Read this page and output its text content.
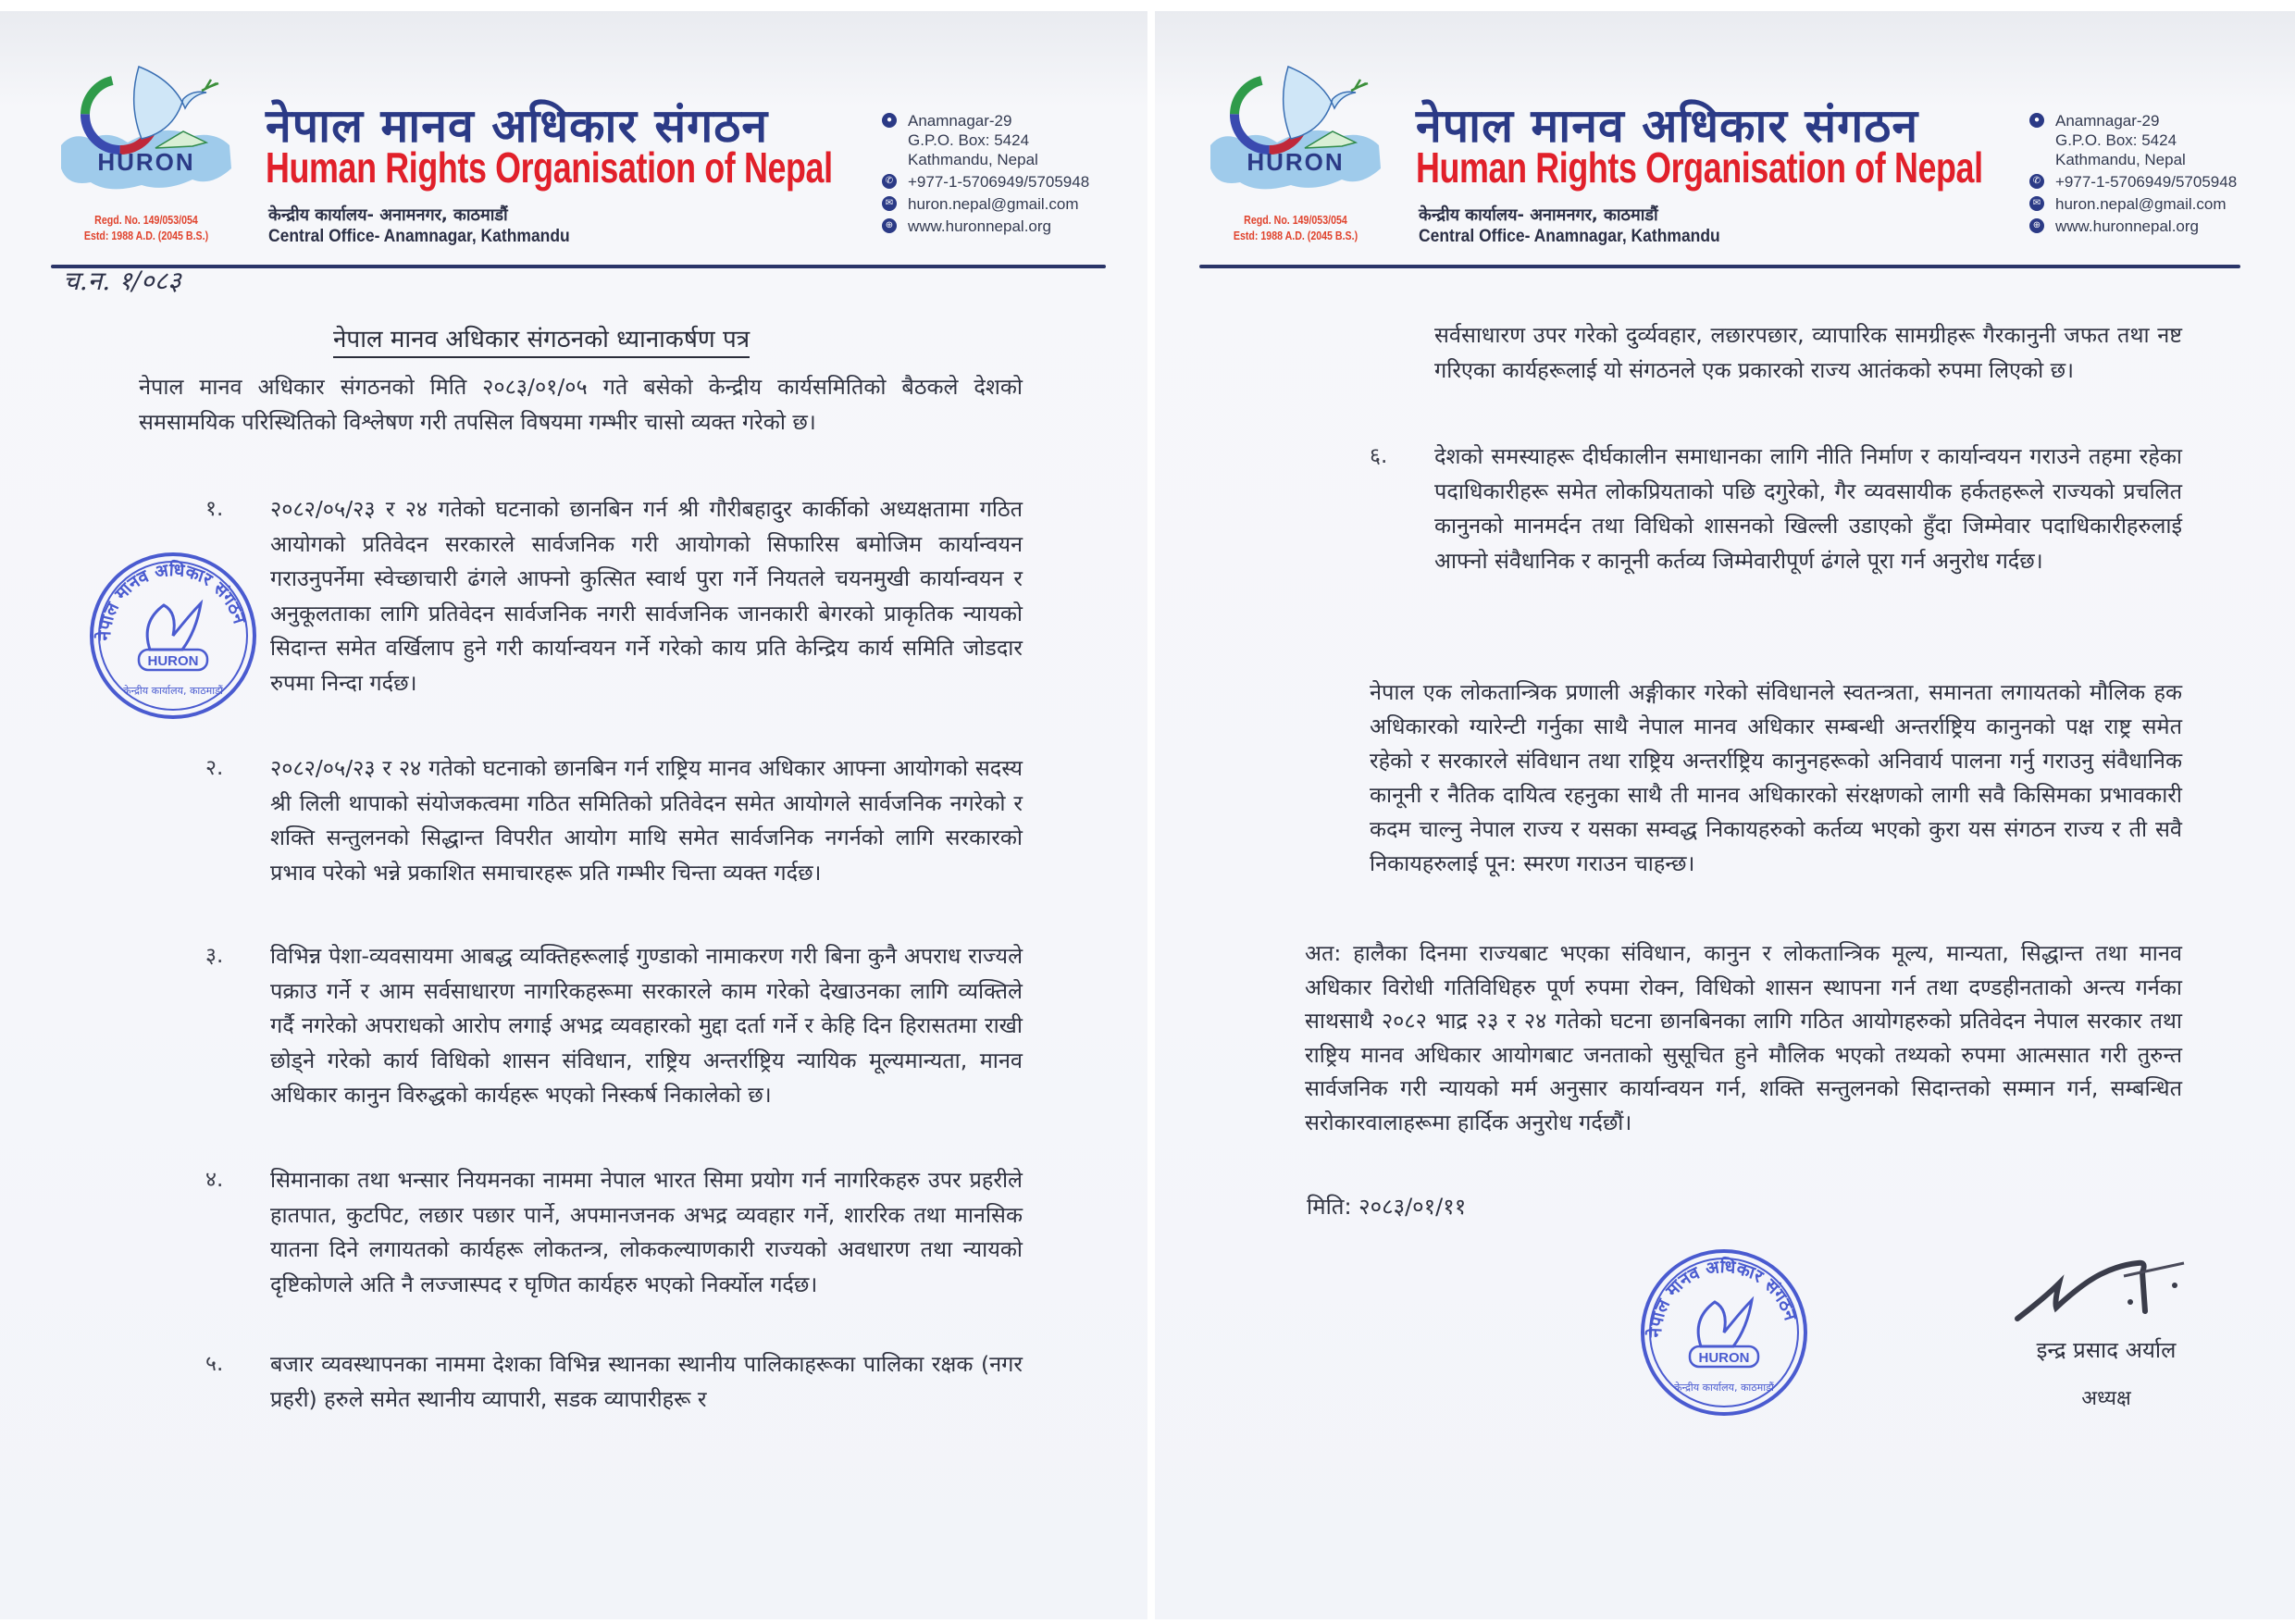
HURON
Regd. No. 149/053/054
Estd: 1988 A.D. (2045 B.S.)
नेपाल मानव अधिकार संगठन
Human Rights Organisation of Nepal
केन्द्रीय कार्यालय- अनामनगर, काठमाडौं
Central Office- Anamnagar, Kathmandu
● Anamnagar-29
G.P.O. Box: 5424
Kathmandu, Nepal
✆ +977-1-5706949/5705948
✉ huron.nepal@gmail.com
⊕ www.huronnepal.org
च.न. १/०८३
नेपाल मानव अधिकार संगठनको ध्यानाकर्षण पत्र
नेपाल मानव अधिकार संगठनको मिति २०८३/०१/०५ गते बसेको केन्द्रीय कार्यसमितिको बैठकले देशको समसामयिक परिस्थितिको विश्लेषण गरी तपसिल विषयमा गम्भीर चासो व्यक्त गरेको छ।
१.	२०८२/०५/२३ र २४ गतेको घटनाको छानबिन गर्न श्री गौरीबहादुर कार्कीको अध्यक्षतामा गठित आयोगको प्रतिवेदन सरकारले सार्वजनिक गरी आयोगको सिफारिस बमोजिम कार्यान्वयन गराउनुपर्नेमा स्वेच्छाचारी ढंगले आफ्नो कुत्सित स्वार्थ पुरा गर्ने नियतले चयनमुखी कार्यान्वयन र अनुकूलताका लागि प्रतिवेदन सार्वजनिक नगरी सार्वजनिक जानकारी बेगरको प्राकृतिक न्यायको सिदान्त समेत वर्खिलाप हुने गरी कार्यान्वयन गर्ने गरेको काय प्रति केन्द्रिय कार्य समिति जोडदार रुपमा निन्दा गर्दछ।
२.	२०८२/०५/२३ र २४ गतेको घटनाको छानबिन गर्न राष्ट्रिय मानव अधिकार आफ्ना आयोगको सदस्य श्री लिली थापाको संयोजकत्वमा गठित समितिको प्रतिवेदन समेत आयोगले सार्वजनिक नगरेको र शक्ति सन्तुलनको सिद्धान्त विपरीत आयोग माथि समेत सार्वजनिक नगर्नको लागि सरकारको प्रभाव परेको भन्ने प्रकाशित समाचारहरू प्रति गम्भीर चिन्ता व्यक्त गर्दछ।
३.	विभिन्न पेशा-व्यवसायमा आबद्ध व्यक्तिहरूलाई गुण्डाको नामाकरण गरी बिना कुनै अपराध राज्यले पक्राउ गर्ने र आम सर्वसाधारण नागरिकहरूमा सरकारले काम गरेको देखाउनका लागि व्यक्तिले गर्दै नगरेको अपराधको आरोप लगाई अभद्र व्यवहारको मुद्दा दर्ता गर्ने र केहि दिन हिरासतमा राखी छोड्ने गरेको कार्य विधिको शासन संविधान, राष्ट्रिय अन्तर्राष्ट्रिय न्यायिक मूल्यमान्यता, मानव अधिकार कानुन विरुद्धको कार्यहरू भएको निस्कर्ष निकालेको छ।
४.	सिमानाका तथा भन्सार नियमनका नाममा नेपाल भारत सिमा प्रयोग गर्न नागरिकहरु उपर प्रहरीले हातपात, कुटपिट, लछार पछार पार्ने, अपमानजनक अभद्र व्यवहार गर्ने, शाररिक तथा मानसिक यातना दिने लगायतको कार्यहरू लोकतन्त्र, लोककल्याणकारी राज्यको अवधारण तथा न्यायको दृष्टिकोणले अति नै लज्जास्पद र घृणित कार्यहरु भएको निर्क्योल गर्दछ।
५.	बजार व्यवस्थापनका नाममा देशका विभिन्न स्थानका स्थानीय पालिकाहरूका पालिका रक्षक (नगर प्रहरी) हरुले समेत स्थानीय व्यापारी, सडक व्यापारीहरू र
नेपाल मानव अधिकार संगठन
HURON
केन्द्रीय कार्यालय, काठमाडौं
HURON
Regd. No. 149/053/054
Estd: 1988 A.D. (2045 B.S.)
नेपाल मानव अधिकार संगठन
Human Rights Organisation of Nepal
केन्द्रीय कार्यालय- अनामनगर, काठमाडौं
Central Office- Anamnagar, Kathmandu
● Anamnagar-29
G.P.O. Box: 5424
Kathmandu, Nepal
✆ +977-1-5706949/5705948
✉ huron.nepal@gmail.com
⊕ www.huronnepal.org
सर्वसाधारण उपर गरेको दुर्व्यवहार, लछारपछार, व्यापारिक सामग्रीहरू गैरकानुनी जफत तथा नष्ट गरिएका कार्यहरूलाई यो संगठनले एक प्रकारको राज्य आतंकको रुपमा लिएको छ।
६.	देशको समस्याहरू दीर्घकालीन समाधानका लागि नीति निर्माण र कार्यान्वयन गराउने तहमा रहेका पदाधिकारीहरू समेत लोकप्रियताको पछि दगुरेको, गैर व्यवसायीक हर्कतहरूले राज्यको प्रचलित कानुनको मानमर्दन तथा विधिको शासनको खिल्ली उडाएको हुँदा जिम्मेवार पदाधिकारीहरुलाई आफ्नो संवैधानिक र कानूनी कर्तव्य जिम्मेवारीपूर्ण ढंगले पूरा गर्न अनुरोध गर्दछ।
नेपाल एक लोकतान्त्रिक प्रणाली अङ्गीकार गरेको संविधानले स्वतन्त्रता, समानता लगायतको मौलिक हक अधिकारको ग्यारेन्टी गर्नुका साथै नेपाल मानव अधिकार सम्बन्धी अन्तर्राष्ट्रिय कानुनको पक्ष राष्ट्र समेत रहेको र सरकारले संविधान तथा राष्ट्रिय अन्तर्राष्ट्रिय कानुनहरूको अनिवार्य पालना गर्नु गराउनु संवैधानिक कानूनी र नैतिक दायित्व रहनुका साथै ती मानव अधिकारको संरक्षणको लागी सवै किसिमका प्रभावकारी कदम चाल्नु नेपाल राज्य र यसका सम्वद्ध निकायहरुको कर्तव्य भएको कुरा यस संगठन राज्य र ती सवै निकायहरुलाई पून: स्मरण गराउन चाहन्छ।
अत: हालैका दिनमा राज्यबाट भएका संविधान, कानुन र लोकतान्त्रिक मूल्य, मान्यता, सिद्धान्त तथा मानव अधिकार विरोधी गतिविधिहरु पूर्ण रुपमा रोक्न, विधिको शासन स्थापना गर्न तथा दण्डहीनताको अन्त्य गर्नका साथसाथै २०८२ भाद्र २३ र २४ गतेको घटना छानबिनका लागि गठित आयोगहरुको प्रतिवेदन नेपाल सरकार तथा राष्ट्रिय मानव अधिकार आयोगबाट जनताको सुसूचित हुने मौलिक भएको तथ्यको रुपमा आत्मसात गरी तुरुन्त सार्वजनिक गरी न्यायको मर्म अनुसार कार्यान्वयन गर्न, शक्ति सन्तुलनको सिदान्तको सम्मान गर्न, सम्बन्धित सरोकारवालाहरूमा हार्दिक अनुरोध गर्दछौं।
मिति: २०८३/०१/११
नेपाल मानव अधिकार संगठन
HURON
केन्द्रीय कार्यालय, काठमाडौं
इन्द्र प्रसाद अर्याल
अध्यक्ष
